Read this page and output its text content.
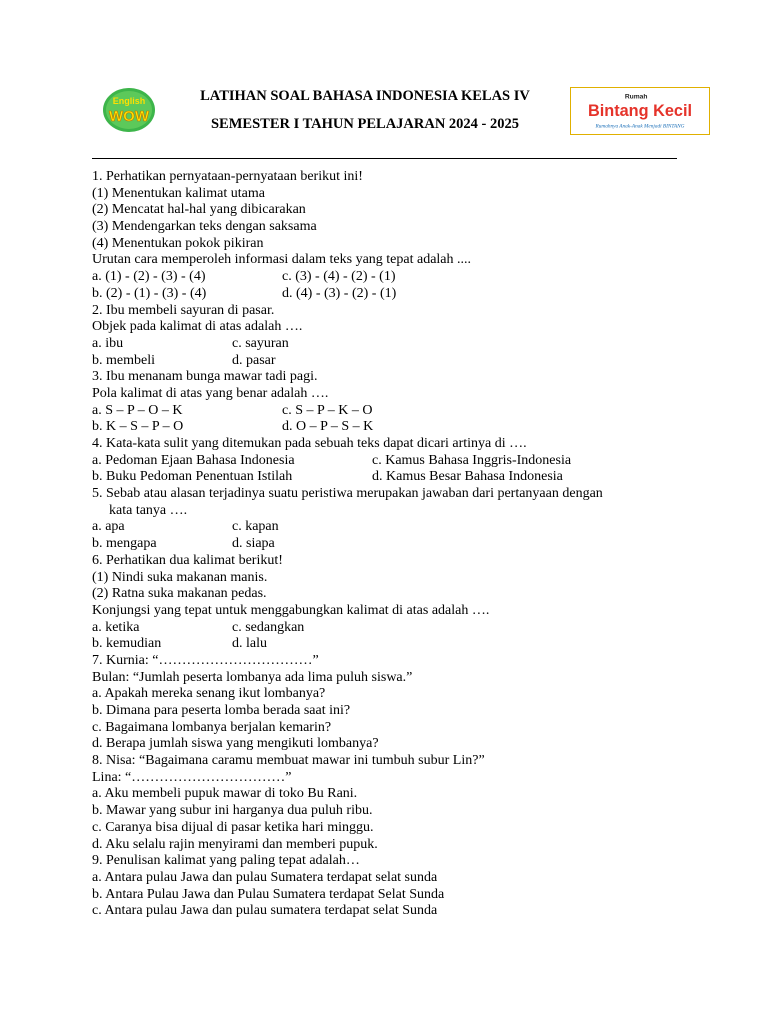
English
WOW
LATIHAN SOAL BAHASA INDONESIA KELAS IV
SEMESTER I TAHUN PELAJARAN 2024 - 2025
Rumah
Bintang Kecil
Rumahnya Anak-Anak Menjadi BINTANG
1. Perhatikan pernyataan-pernyataan berikut ini!
(1) Menentukan kalimat utama
(2) Mencatat hal-hal yang dibicarakan
(3) Mendengarkan teks dengan saksama
(4) Menentukan pokok pikiran
Urutan cara memperoleh informasi dalam teks yang tepat adalah ....
a. (1) - (2) - (3) - (4)	c. (3) - (4) - (2) - (1)
b. (2) - (1) - (3) - (4)	d. (4) - (3) - (2) - (1)
2. Ibu membeli sayuran di pasar.
Objek pada kalimat di atas adalah ….
a. ibu	c. sayuran
b. membeli	d. pasar
3. Ibu menanam bunga mawar tadi pagi.
Pola kalimat di atas yang benar adalah ….
a. S – P – O – K	c. S – P – K – O
b. K – S – P – O	d. O – P – S – K
4. Kata-kata sulit yang ditemukan pada sebuah teks dapat dicari artinya di ….
a. Pedoman Ejaan Bahasa Indonesia	c. Kamus Bahasa Inggris-Indonesia
b. Buku Pedoman Penentuan Istilah	d. Kamus Besar Bahasa Indonesia
5. Sebab atau alasan terjadinya suatu peristiwa merupakan jawaban dari pertanyaan dengan
kata tanya ….
a. apa	c. kapan
b. mengapa	d. siapa
6. Perhatikan dua kalimat berikut!
(1) Nindi suka makanan manis.
(2) Ratna suka makanan pedas.
Konjungsi yang tepat untuk menggabungkan kalimat di atas adalah ….
a. ketika	c. sedangkan
b. kemudian	d. lalu
7. Kurnia: “……………………………”
Bulan: “Jumlah peserta lombanya ada lima puluh siswa.”
a. Apakah mereka senang ikut lombanya?
b. Dimana para peserta lomba berada saat ini?
c. Bagaimana lombanya berjalan kemarin?
d. Berapa jumlah siswa yang mengikuti lombanya?
8. Nisa: “Bagaimana caramu membuat mawar ini tumbuh subur Lin?”
Lina: “……………………………”
a. Aku membeli pupuk mawar di toko Bu Rani.
b. Mawar yang subur ini harganya dua puluh ribu.
c. Caranya bisa dijual di pasar ketika hari minggu.
d. Aku selalu rajin menyirami dan memberi pupuk.
9. Penulisan kalimat yang paling tepat adalah…
a. Antara pulau Jawa dan pulau Sumatera terdapat selat sunda
b. Antara Pulau Jawa dan Pulau Sumatera terdapat Selat Sunda
c. Antara pulau Jawa dan pulau sumatera terdapat selat Sunda
